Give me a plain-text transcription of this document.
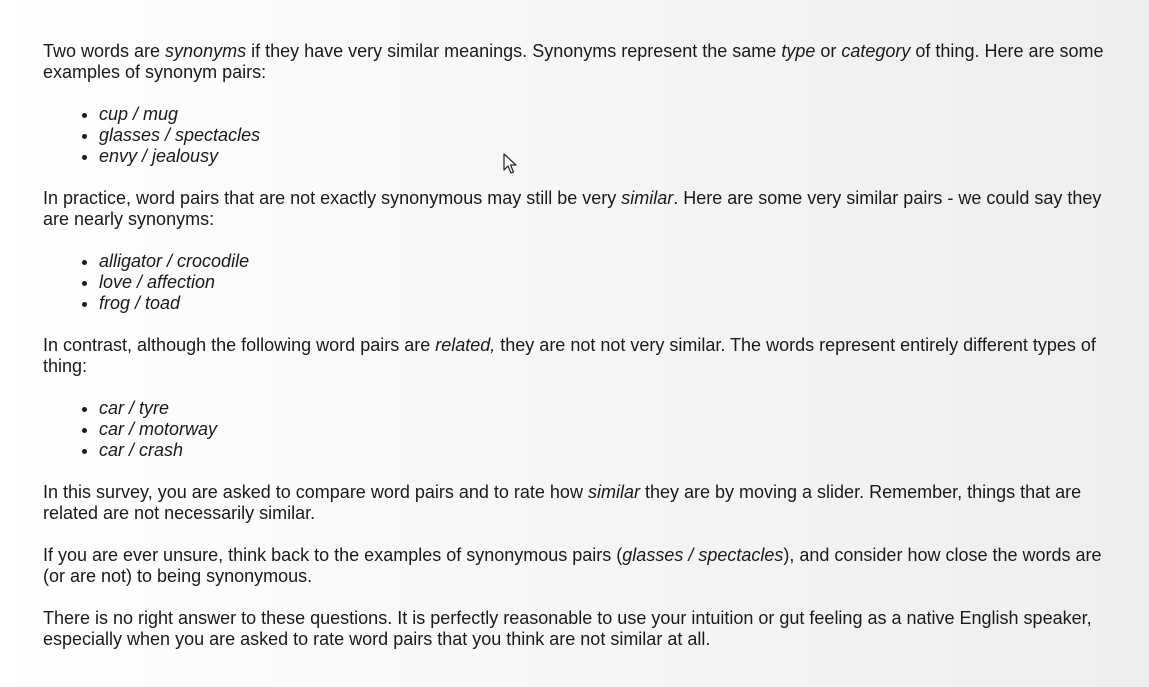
Two words are synonyms if they have very similar meanings. Synonyms represent the same type or category of thing. Here are some examples of synonym pairs:

• cup / mug
• glasses / spectacles
• envy / jealousy

In practice, word pairs that are not exactly synonymous may still be very similar. Here are some very similar pairs - we could say they are nearly synonyms:

• alligator / crocodile
• love / affection
• frog / toad

In contrast, although the following word pairs are related, they are not not very similar. The words represent entirely different types of thing:

• car / tyre
• car / motorway
• car / crash

In this survey, you are asked to compare word pairs and to rate how similar they are by moving a slider. Remember, things that are related are not necessarily similar.

If you are ever unsure, think back to the examples of synonymous pairs (glasses / spectacles), and consider how close the words are (or are not) to being synonymous.

There is no right answer to these questions. It is perfectly reasonable to use your intuition or gut feeling as a native English speaker, especially when you are asked to rate word pairs that you think are not similar at all.
